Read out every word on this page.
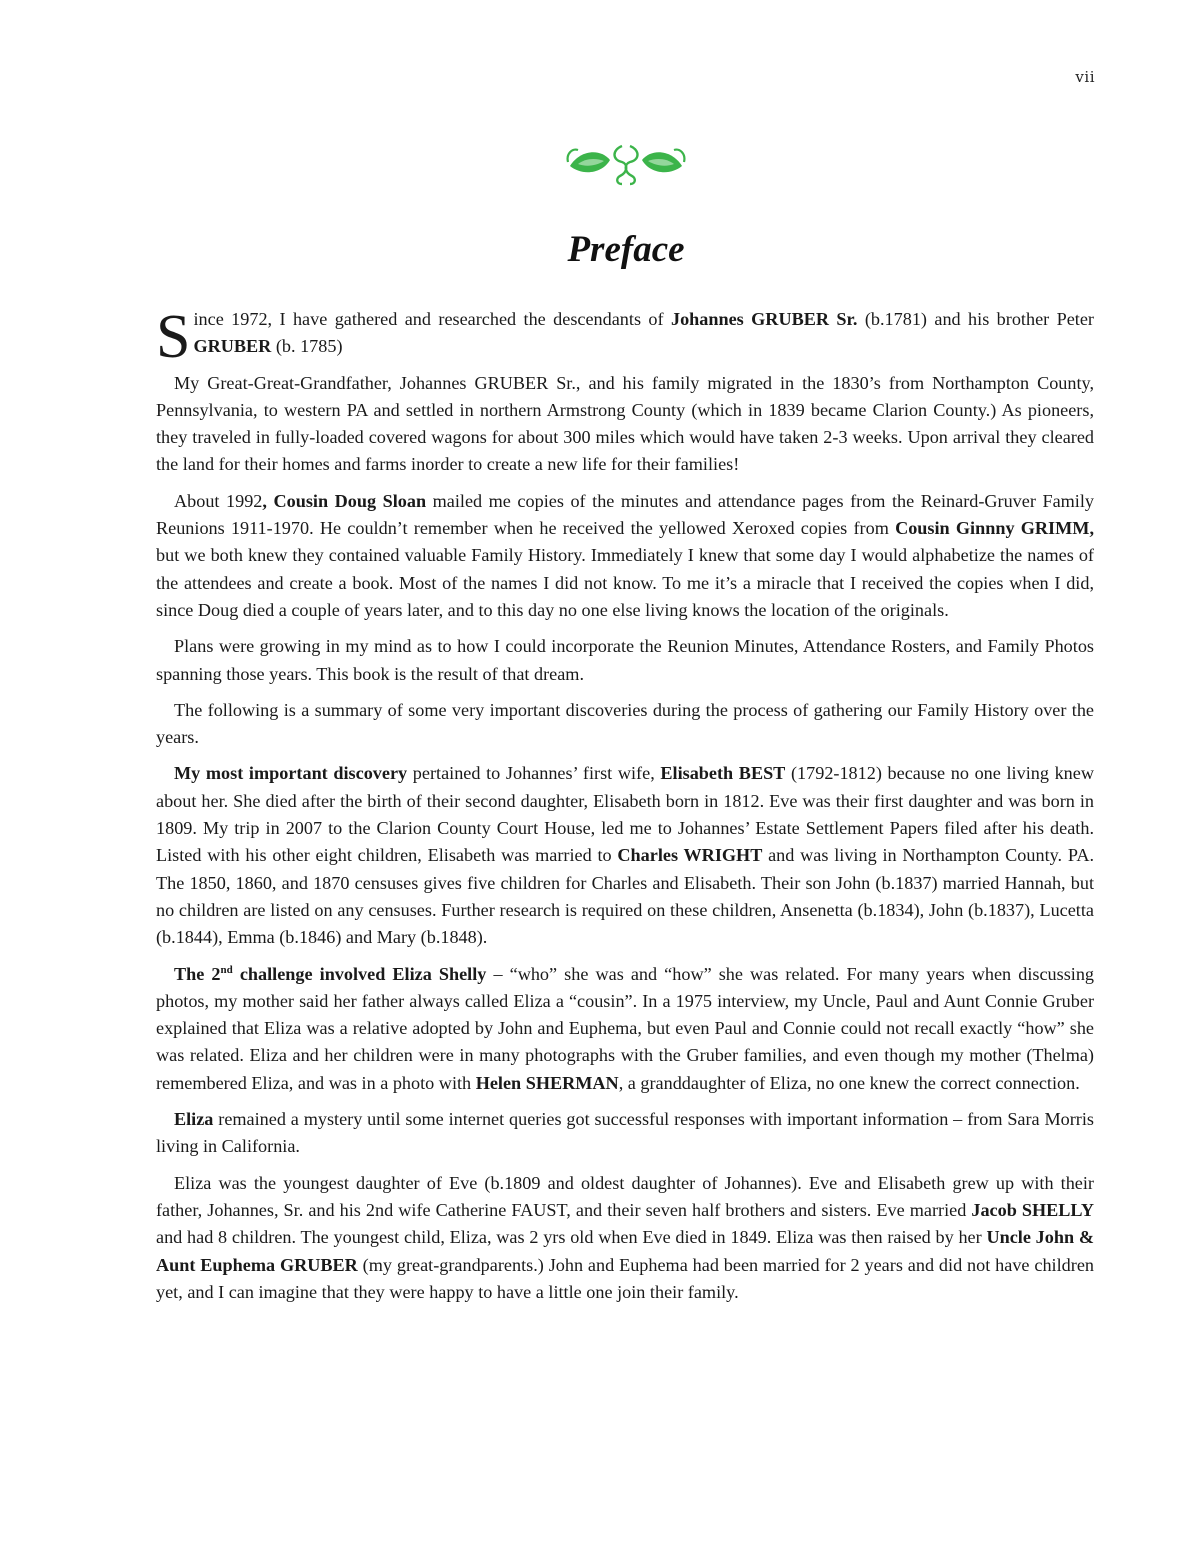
vii
Preface

Since 1972, I have gathered and researched the descendants of Johannes GRUBER Sr. (b.1781) and his brother Peter GRUBER (b. 1785)

My Great-Great-Grandfather, Johannes GRUBER Sr., and his family migrated in the 1830’s from Northampton County, Pennsylvania, to western PA and settled in northern Armstrong County (which in 1839 became Clarion County.) As pioneers, they traveled in fully-loaded covered wagons for about 300 miles which would have taken 2-3 weeks. Upon arrival they cleared the land for their homes and farms inorder to create a new life for their families!

About 1992, Cousin Doug Sloan mailed me copies of the minutes and attendance pages from the Reinard-Gruver Family Reunions 1911-1970. He couldn’t remember when he received the yellowed Xeroxed copies from Cousin Ginnny GRIMM, but we both knew they contained valuable Family History. Immediately I knew that some day I would alphabetize the names of the attendees and create a book. Most of the names I did not know. To me it’s a miracle that I received the copies when I did, since Doug died a couple of years later, and to this day no one else living knows the location of the originals.

Plans were growing in my mind as to how I could incorporate the Reunion Minutes, Attendance Rosters, and Family Photos spanning those years. This book is the result of that dream.

The following is a summary of some very important discoveries during the process of gathering our Family History over the years.

My most important discovery pertained to Johannes’ first wife, Elisabeth BEST (1792-1812) because no one living knew about her. She died after the birth of their second daughter, Elisabeth born in 1812. Eve was their first daughter and was born in 1809. My trip in 2007 to the Clarion County Court House, led me to Johannes’ Estate Settlement Papers filed after his death. Listed with his other eight children, Elisabeth was married to Charles WRIGHT and was living in Northampton County. PA. The 1850, 1860, and 1870 censuses gives five children for Charles and Elisabeth. Their son John (b.1837) married Hannah, but no children are listed on any censuses. Further research is required on these children, Ansenetta (b.1834), John (b.1837), Lucetta (b.1844), Emma (b.1846) and Mary (b.1848).

The 2nd challenge involved Eliza Shelly – “who” she was and “how” she was related. For many years when discussing photos, my mother said her father always called Eliza a “cousin”. In a 1975 interview, my Uncle, Paul and Aunt Connie Gruber explained that Eliza was a relative adopted by John and Euphema, but even Paul and Connie could not recall exactly “how” she was related. Eliza and her children were in many photographs with the Gruber families, and even though my mother (Thelma) remembered Eliza, and was in a photo with Helen SHERMAN, a granddaughter of Eliza, no one knew the correct connection.

Eliza remained a mystery until some internet queries got successful responses with important information – from Sara Morris living in California.

Eliza was the youngest daughter of Eve (b.1809 and oldest daughter of Johannes). Eve and Elisabeth grew up with their father, Johannes, Sr. and his 2nd wife Catherine FAUST, and their seven half brothers and sisters. Eve married Jacob SHELLY and had 8 children. The youngest child, Eliza, was 2 yrs old when Eve died in 1849. Eliza was then raised by her Uncle John & Aunt Euphema GRUBER (my great-grandparents.) John and Euphema had been married for 2 years and did not have children yet, and I can imagine that they were happy to have a little one join their family.
